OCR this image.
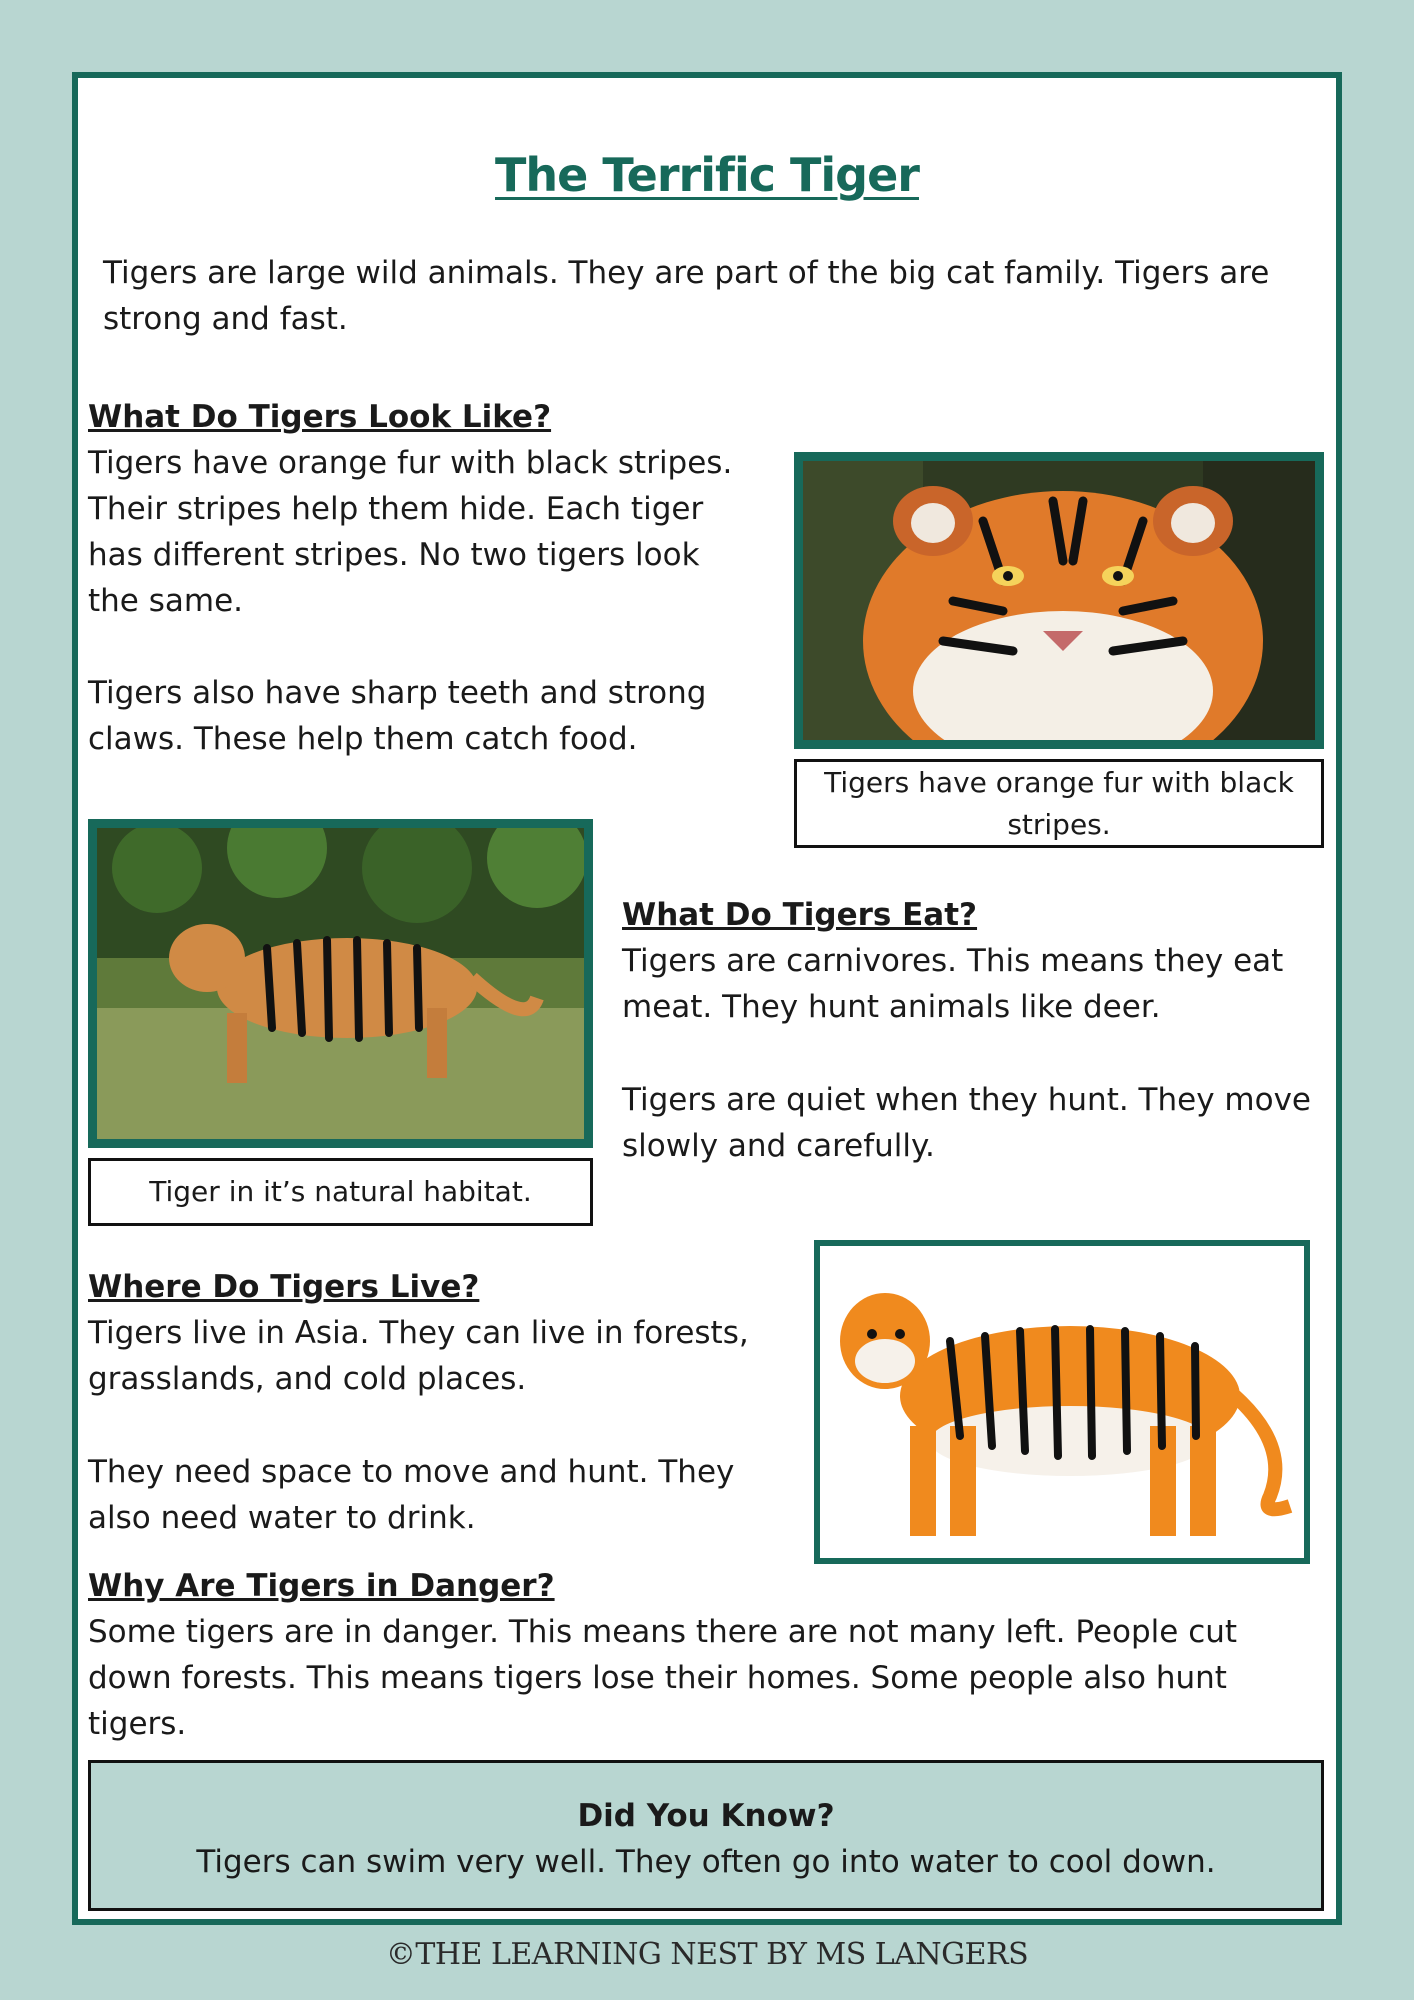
The Terrific Tiger

Tigers are large wild animals. They are part of the big cat family. Tigers are strong and fast.

What Do Tigers Look Like?

Tigers have orange fur with black stripes. Their stripes help them hide. Each tiger has different stripes. No two tigers look the same.

Tigers also have sharp teeth and strong claws. These help them catch food.

Tigers have orange fur with black stripes.
Tiger in it’s natural habitat.

What Do Tigers Eat?

Tigers are carnivores. This means they eat meat. They hunt animals like deer.

Tigers are quiet when they hunt. They move slowly and carefully.

Where Do Tigers Live?

Tigers live in Asia. They can live in forests, grasslands, and cold places.

They need space to move and hunt. They also need water to drink.

Why Are Tigers in Danger?

Some tigers are in danger. This means there are not many left. People cut down forests. This means tigers lose their homes. Some people also hunt tigers.

Did You Know?
Tigers can swim very well. They often go into water to cool down.
©THE LEARNING NEST BY MS LANGERS
